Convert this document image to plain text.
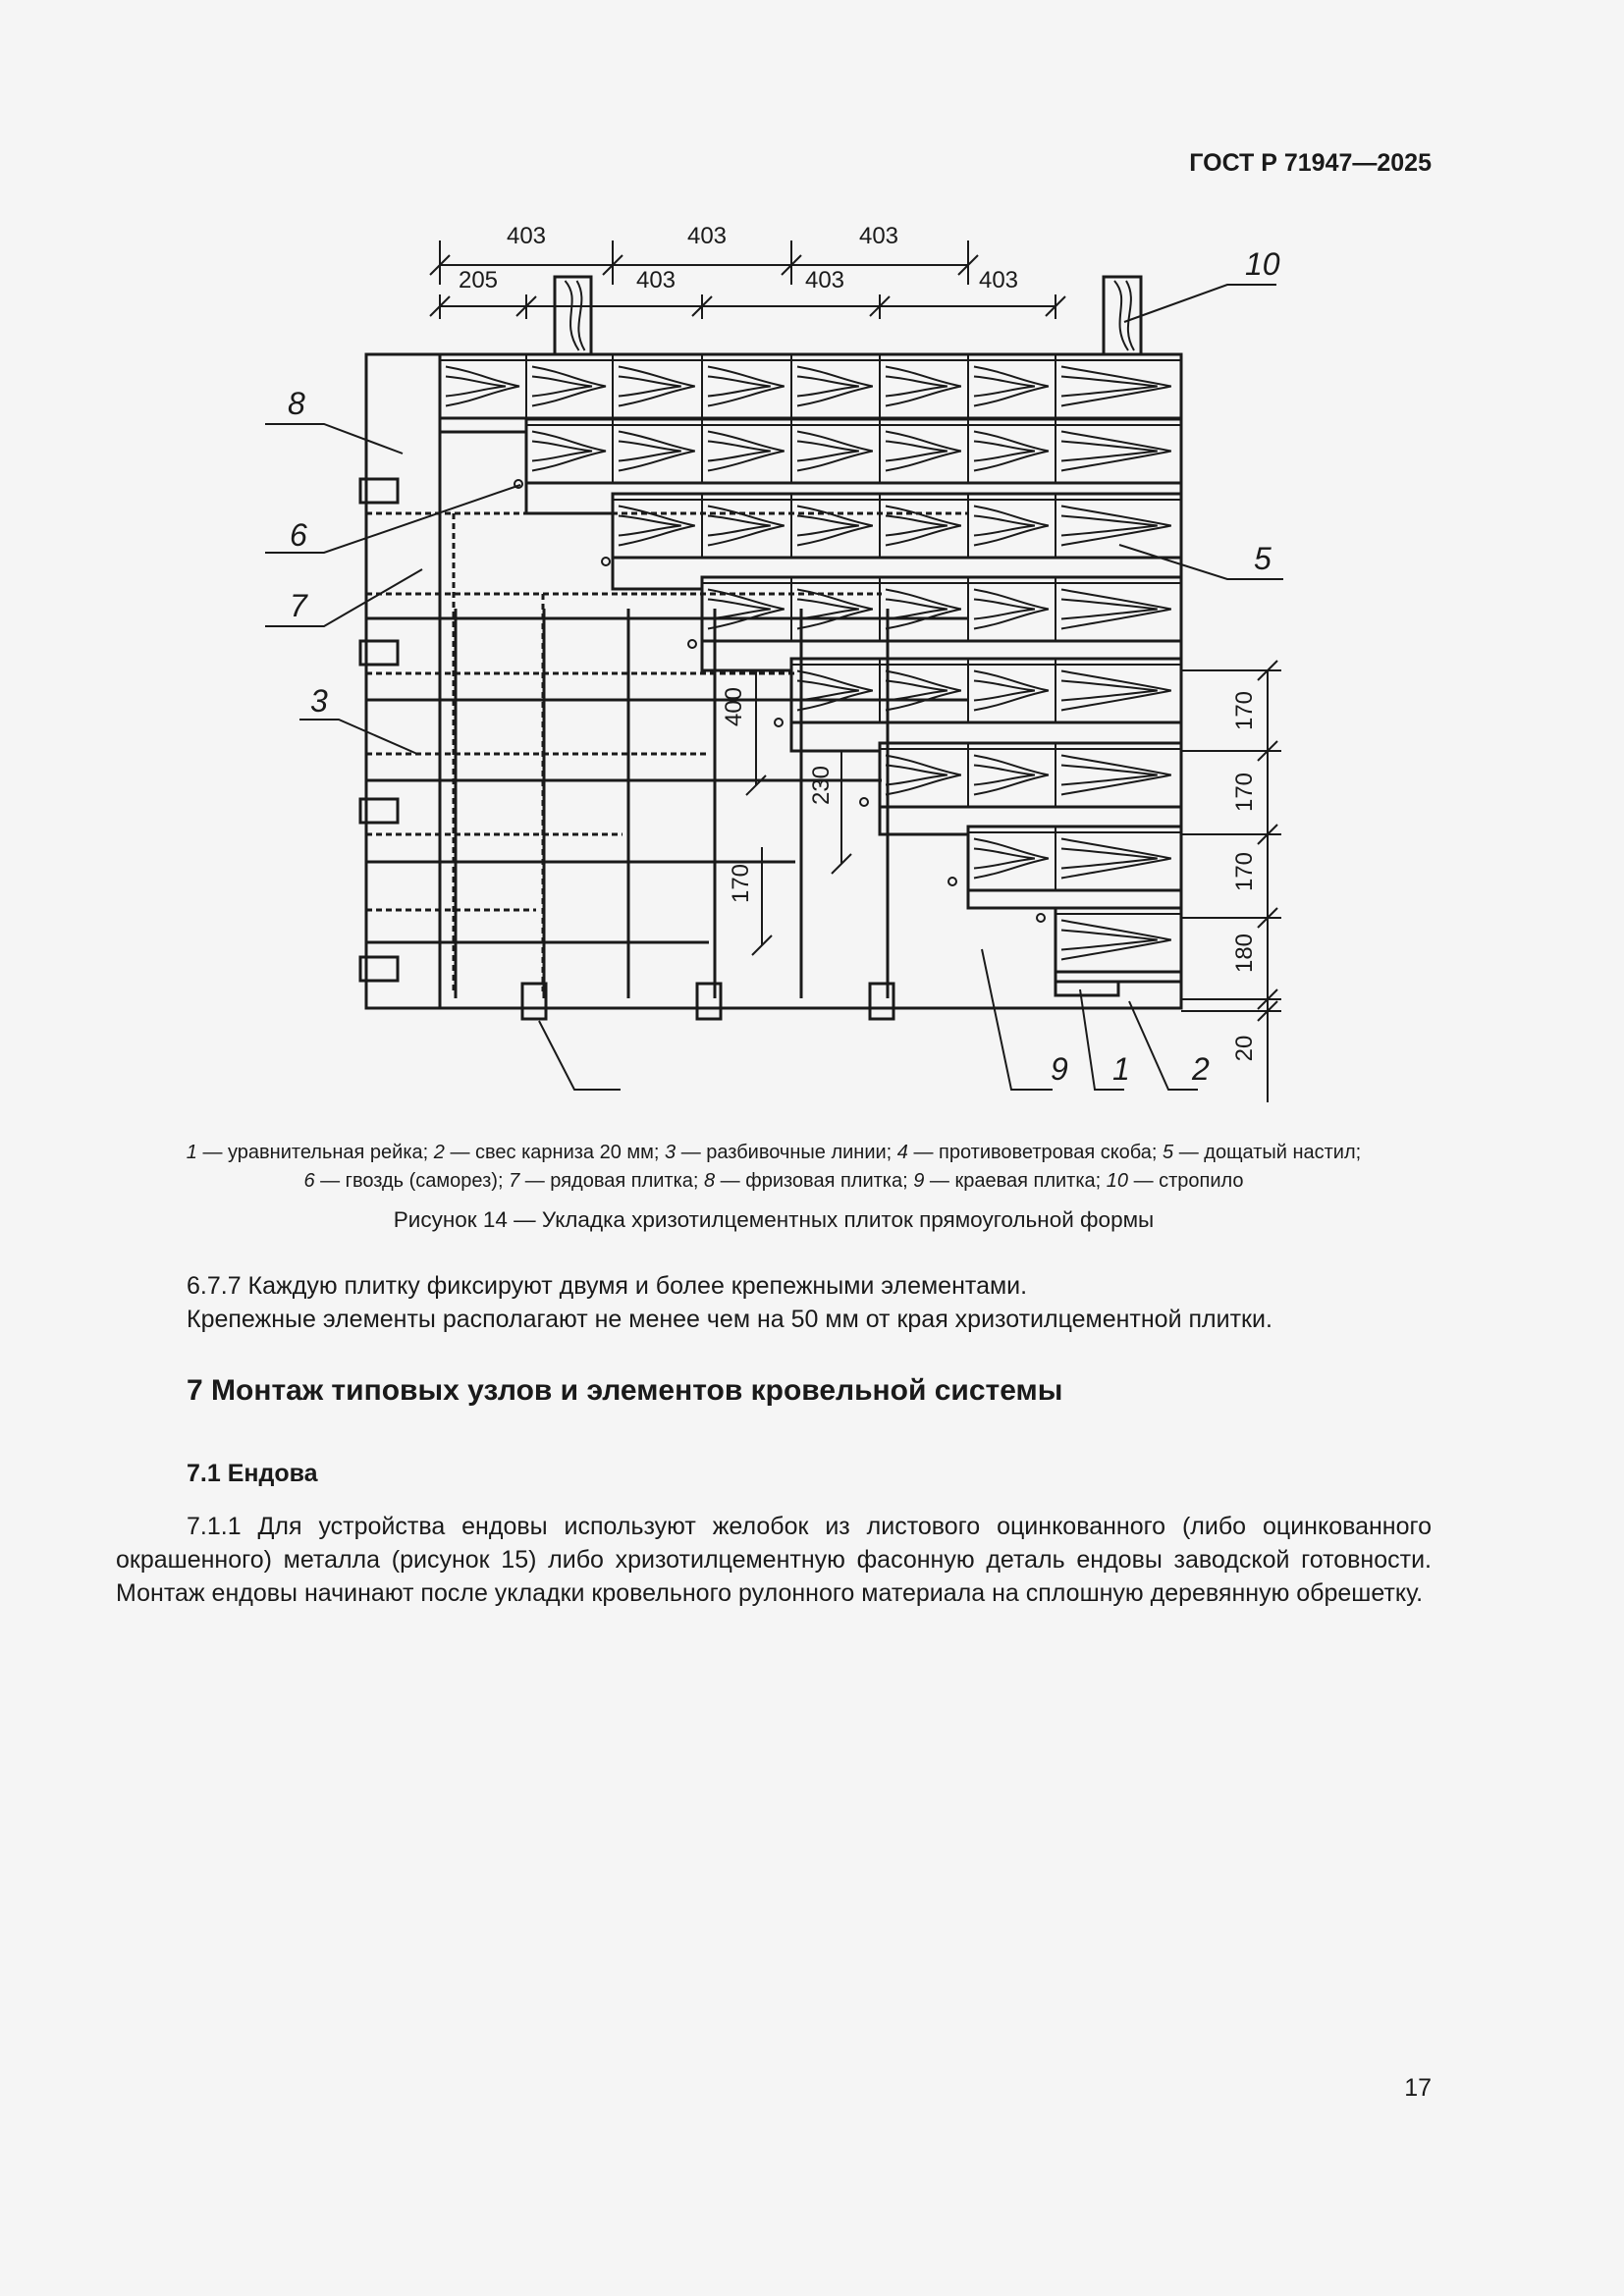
ГОСТ Р 71947—2025
403	403	403
205	403	403	403
400
230
170
170
170
170
180
20
1 2
3
5
6
7
8
9
10
1 — уравнительная рейка; 2 — свес карниза 20 мм; 3 — разбивочные линии; 4 — противоветровая скоба; 5 — дощатый настил;
6 — гвоздь (саморез); 7 — рядовая плитка; 8 — фризовая плитка; 9 — краевая плитка; 10 — стропило
Рисунок 14 — Укладка хризотилцементных плиток прямоугольной формы
6.7.7 Каждую плитку фиксируют двумя и более крепежными элементами.
Крепежные элементы располагают не менее чем на 50 мм от края хризотилцементной плитки.
7 Монтаж типовых узлов и элементов кровельной системы
7.1 Ендова
7.1.1 Для устройства ендовы используют желобок из листового оцинкованного (либо оцинкованного окрашенного) металла (рисунок 15) либо хризотилцементную фасонную деталь ендовы заводской готовности. Монтаж ендовы начинают после укладки кровельного рулонного материала на сплошную деревянную обрешетку.
17
